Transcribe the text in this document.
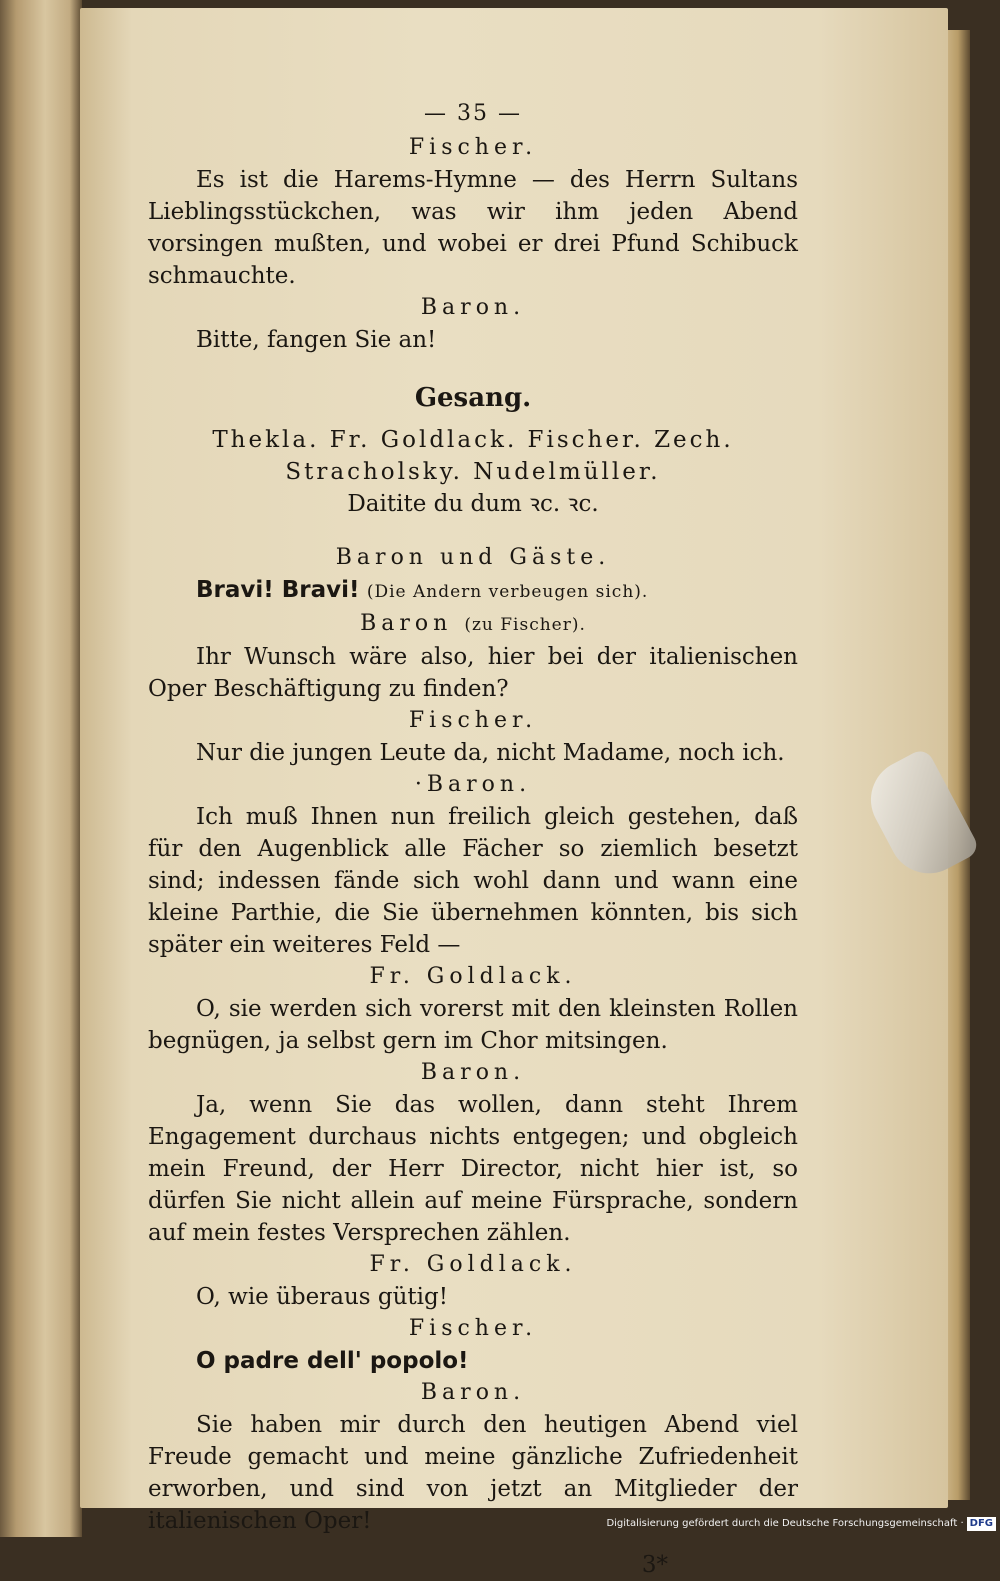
— 35 —
Fischer.
Es ist die Harems-Hymne — des Herrn Sultans Lieblingsstückchen, was wir ihm jeden Abend vorsingen mußten, und wobei er drei Pfund Schibuck schmauchte.
Baron.
Bitte, fangen Sie an!
Gesang.
Thekla. Fr. Goldlack. Fischer. Zech. Stracholsky. Nudelmüller.
Daitite du dum ꝛc. ꝛc.
Baron und Gäste.
Bravi! Bravi! (Die Andern verbeugen sich).
Baron (zu Fischer).
Ihr Wunsch wäre also, hier bei der italienischen Oper Beschäftigung zu finden?
Fischer.
Nur die jungen Leute da, nicht Madame, noch ich.
·Baron.
Ich muß Ihnen nun freilich gleich gestehen, daß für den Augenblick alle Fächer so ziemlich besetzt sind; indessen fände sich wohl dann und wann eine kleine Parthie, die Sie übernehmen könnten, bis sich später ein weiteres Feld —
Fr. Goldlack.
O, sie werden sich vorerst mit den kleinsten Rollen begnügen, ja selbst gern im Chor mitsingen.
Baron.
Ja, wenn Sie das wollen, dann steht Ihrem Engagement durchaus nichts entgegen; und obgleich mein Freund, der Herr Director, nicht hier ist, so dürfen Sie nicht allein auf meine Fürsprache, sondern auf mein festes Versprechen zählen.
Fr. Goldlack.
O, wie überaus gütig!
Fischer.
O padre dell' popolo!
Baron.
Sie haben mir durch den heutigen Abend viel Freude gemacht und meine gänzliche Zufriedenheit erworben, und sind von jetzt an Mitglieder der italienischen Oper!
3*
Digitalisierung gefördert durch die Deutsche Forschungsgemeinschaft · DFG
